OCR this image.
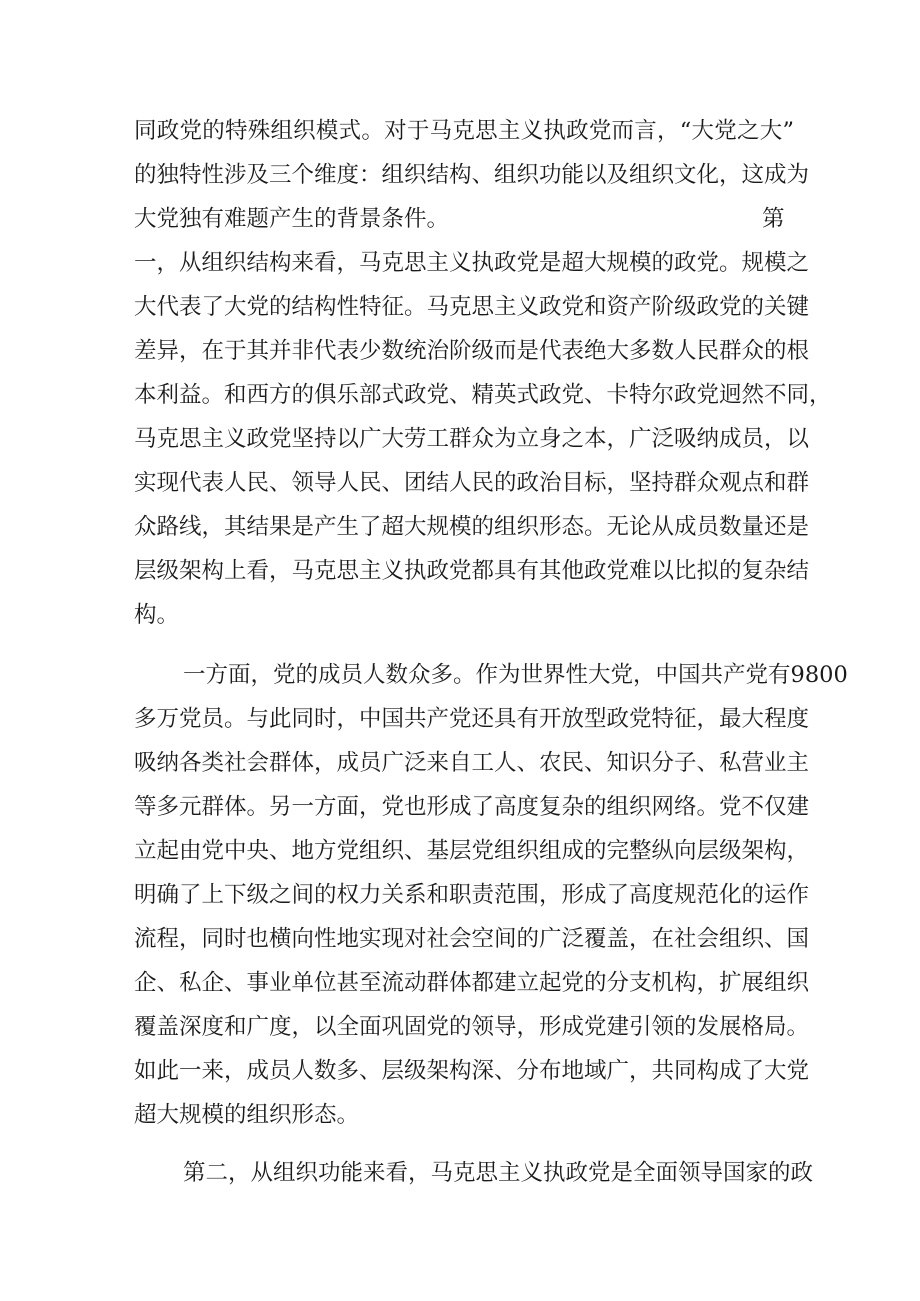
同政党的特殊组织模式。对于马克思主义执政党而言，“大党之大”
的独特性涉及三个维度：组织结构、组织功能以及组织文化，这成为
大党独有难题产生的背景条件。	第
一，从组织结构来看，马克思主义执政党是超大规模的政党。规模之
大代表了大党的结构性特征。马克思主义政党和资产阶级政党的关键
差异，在于其并非代表少数统治阶级而是代表绝大多数人民群众的根
本利益。和西方的俱乐部式政党、精英式政党、卡特尔政党迥然不同，
马克思主义政党坚持以广大劳工群众为立身之本，广泛吸纳成员，以
实现代表人民、领导人民、团结人民的政治目标，坚持群众观点和群
众路线，其结果是产生了超大规模的组织形态。无论从成员数量还是
层级架构上看，马克思主义执政党都具有其他政党难以比拟的复杂结
构。
一方面，党的成员人数众多。作为世界性大党，中国共产党有9800
多万党员。与此同时，中国共产党还具有开放型政党特征，最大程度
吸纳各类社会群体，成员广泛来自工人、农民、知识分子、私营业主
等多元群体。另一方面，党也形成了高度复杂的组织网络。党不仅建
立起由党中央、地方党组织、基层党组织组成的完整纵向层级架构，
明确了上下级之间的权力关系和职责范围，形成了高度规范化的运作
流程，同时也横向性地实现对社会空间的广泛覆盖，在社会组织、国
企、私企、事业单位甚至流动群体都建立起党的分支机构，扩展组织
覆盖深度和广度，以全面巩固党的领导，形成党建引领的发展格局。
如此一来，成员人数多、层级架构深、分布地域广，共同构成了大党
超大规模的组织形态。
第二，从组织功能来看，马克思主义执政党是全面领导国家的政
